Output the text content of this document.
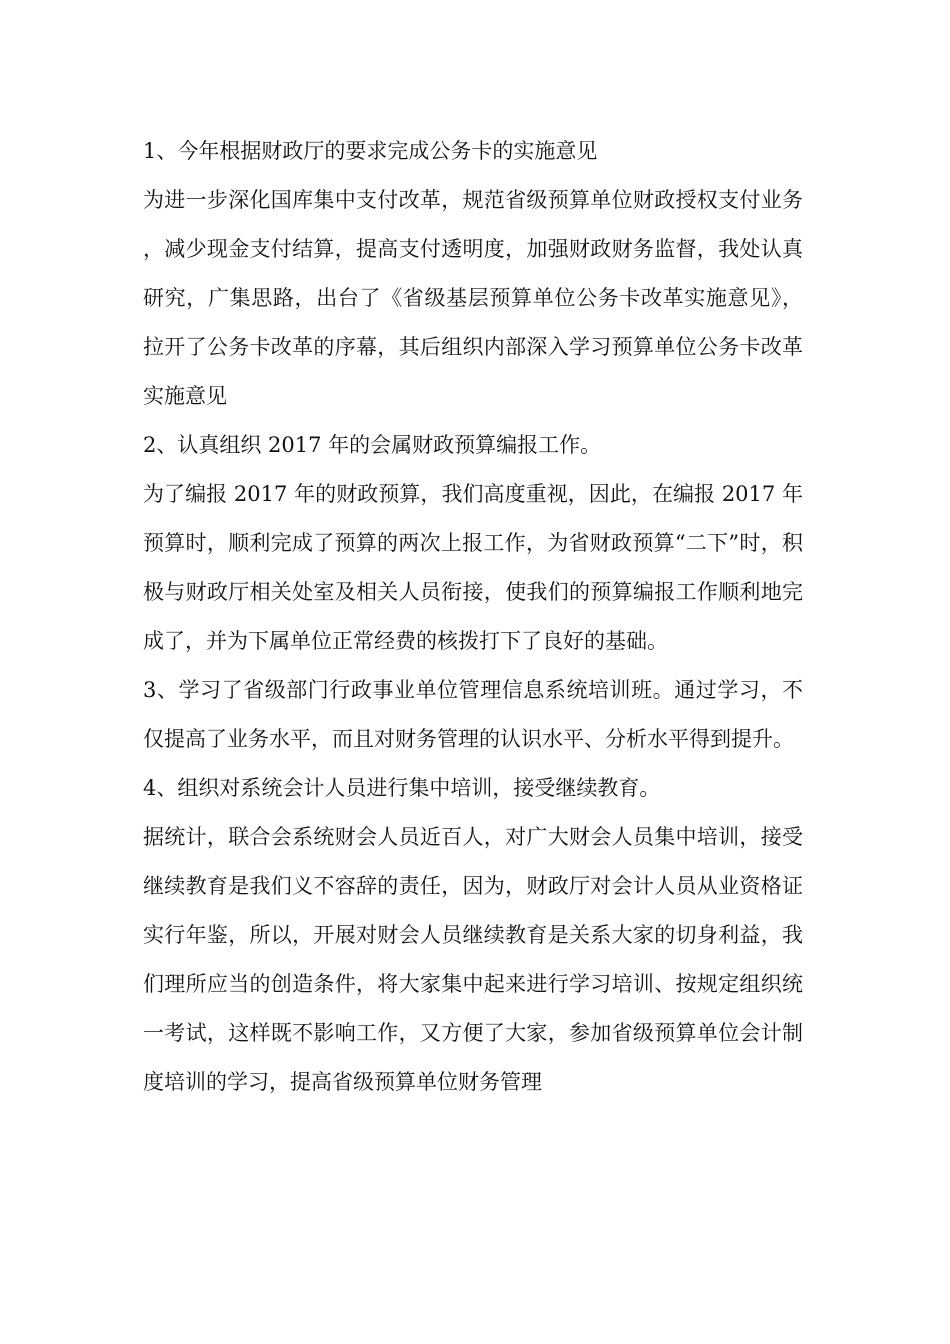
1、今年根据财政厅的要求完成公务卡的实施意见

为进一步深化国库集中支付改革，规范省级预算单位财政授权支付业务，减少现金支付结算，提高支付透明度，加强财政财务监督，我处认真研究，广集思路，出台了《省级基层预算单位公务卡改革实施意见》，拉开了公务卡改革的序幕，其后组织内部深入学习预算单位公务卡改革实施意见

2、认真组织 2017 年的会属财政预算编报工作。

为了编报 2017 年的财政预算，我们高度重视，因此，在编报 2017 年预算时，顺利完成了预算的两次上报工作，为省财政预算“二下”时，积极与财政厅相关处室及相关人员衔接，使我们的预算编报工作顺利地完成了，并为下属单位正常经费的核拨打下了良好的基础。

3、学习了省级部门行政事业单位管理信息系统培训班。通过学习，不仅提高了业务水平，而且对财务管理的认识水平、分析水平得到提升。

4、组织对系统会计人员进行集中培训，接受继续教育。

据统计，联合会系统财会人员近百人，对广大财会人员集中培训，接受继续教育是我们义不容辞的责任，因为，财政厅对会计人员从业资格证实行年鉴，所以，开展对财会人员继续教育是关系大家的切身利益，我们理所应当的创造条件，将大家集中起来进行学习培训、按规定组织统一考试，这样既不影响工作，又方便了大家，参加省级预算单位会计制度培训的学习，提高省级预算单位财务管理
